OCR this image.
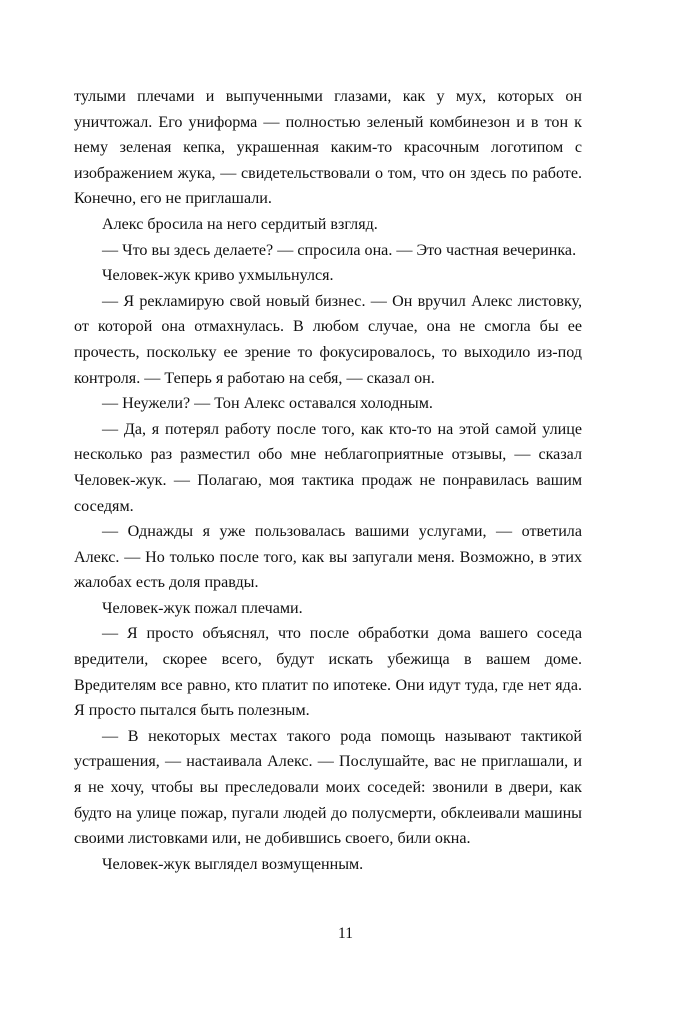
тулыми плечами и выпученными глазами, как у мух, которых он уничтожал. Его униформа — полностью зеленый комбинезон и в тон к нему зеленая кепка, украшенная каким-то красочным логотипом с изображением жука, — свидетельствовали о том, что он здесь по работе. Конечно, его не приглашали.

Алекс бросила на него сердитый взгляд.

— Что вы здесь делаете? — спросила она. — Это частная вечеринка.

Человек-жук криво ухмыльнулся.

— Я рекламирую свой новый бизнес. — Он вручил Алекс листовку, от которой она отмахнулась. В любом случае, она не смогла бы ее прочесть, поскольку ее зрение то фокусировалось, то выходило из-под контроля. — Теперь я работаю на себя, — сказал он.

— Неужели? — Тон Алекс оставался холодным.

— Да, я потерял работу после того, как кто-то на этой самой улице несколько раз разместил обо мне неблагоприятные отзывы, — сказал Человек-жук. — Полагаю, моя тактика продаж не понравилась вашим соседям.

— Однажды я уже пользовалась вашими услугами, — ответила Алекс. — Но только после того, как вы запугали меня. Возможно, в этих жалобах есть доля правды.

Человек-жук пожал плечами.

— Я просто объяснял, что после обработки дома вашего соседа вредители, скорее всего, будут искать убежища в вашем доме. Вредителям все равно, кто платит по ипотеке. Они идут туда, где нет яда. Я просто пытался быть полезным.

— В некоторых местах такого рода помощь называют тактикой устрашения, — настаивала Алекс. — Послушайте, вас не приглашали, и я не хочу, чтобы вы преследовали моих соседей: звонили в двери, как будто на улице пожар, пугали людей до полусмерти, обклеивали машины своими листовками или, не добившись своего, били окна.

Человек-жук выглядел возмущенным.

11
